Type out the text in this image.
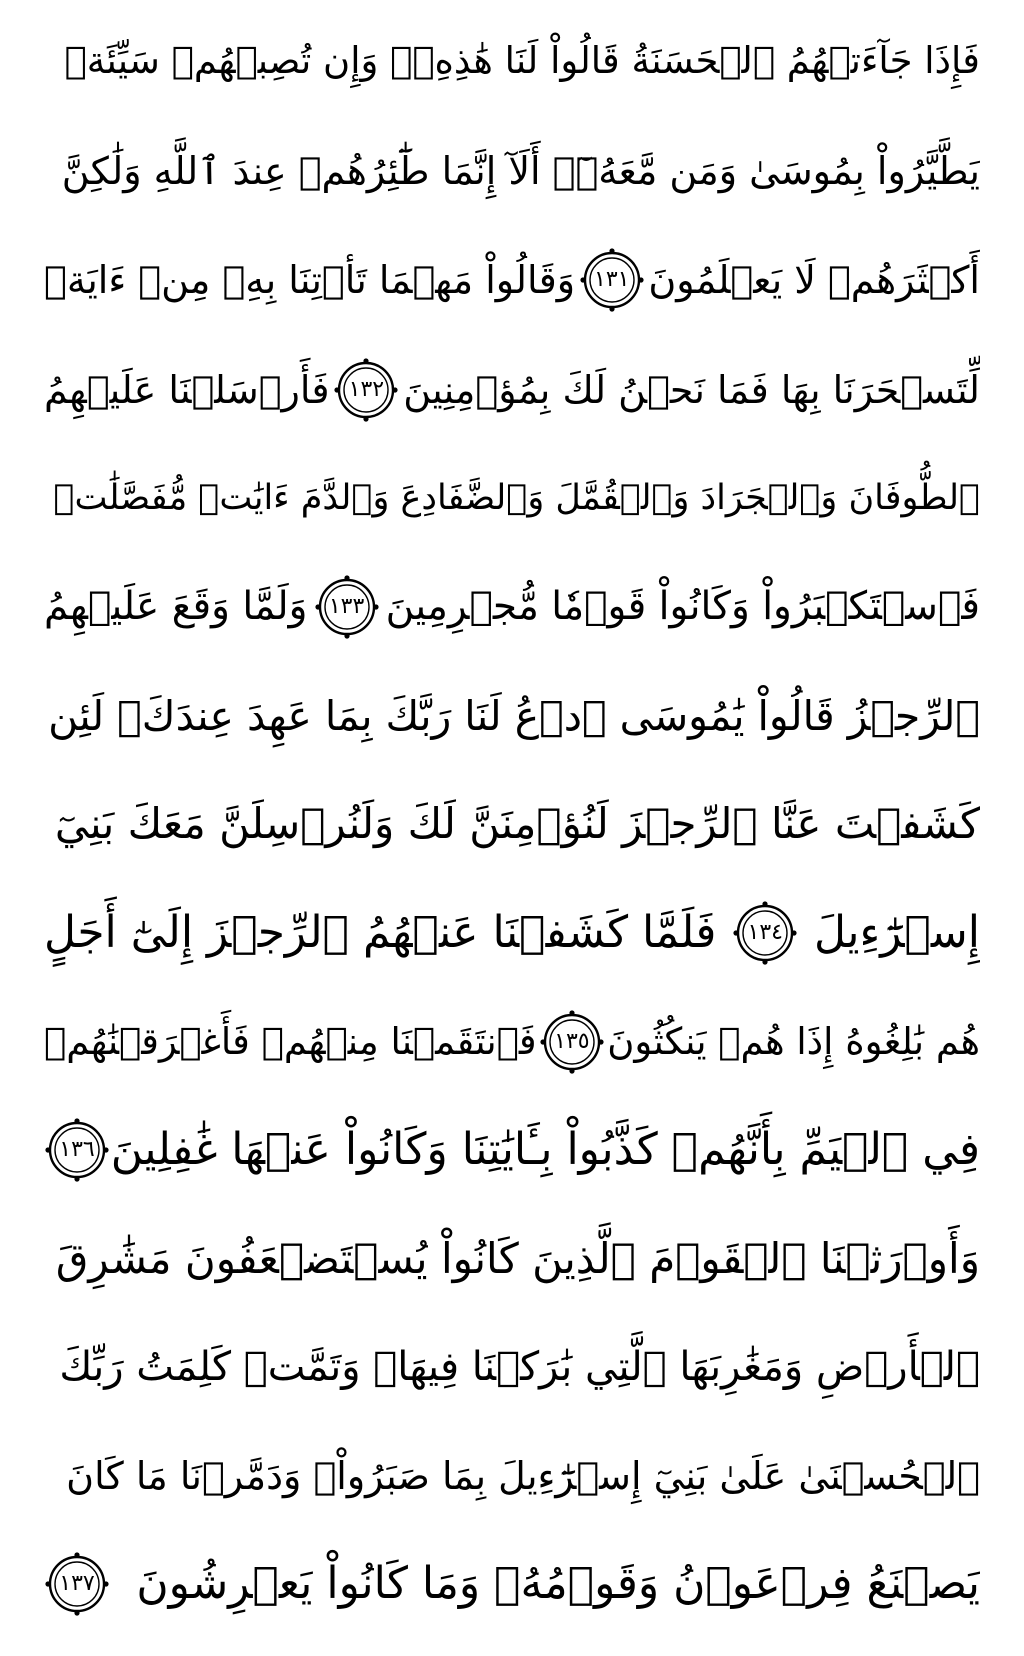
فَإِذَا جَآءَتۡهُمُ ٱلۡحَسَنَةُ قَالُواْ لَنَا هَٰذِهِۦۖ وَإِن تُصِبۡهُمۡ سَيِّئَةٞ
يَطَّيَّرُواْ بِمُوسَىٰ وَمَن مَّعَهُۥٓۗ أَلَآ إِنَّمَا طَٰٓئِرُهُمۡ عِندَ ٱللَّهِ وَلَٰكِنَّ
أَكۡثَرَهُمۡ لَا يَعۡلَمُونَ
١٣١
وَقَالُواْ مَهۡمَا تَأۡتِنَا بِهِۦ مِنۡ ءَايَةٖ
لِّتَسۡحَرَنَا بِهَا فَمَا نَحۡنُ لَكَ بِمُؤۡمِنِينَ
١٣٢
فَأَرۡسَلۡنَا عَلَيۡهِمُ
ٱلطُّوفَانَ وَٱلۡجَرَادَ وَٱلۡقُمَّلَ وَٱلضَّفَادِعَ وَٱلدَّمَ ءَايَٰتٖ مُّفَصَّلَٰتٖ
فَٱسۡتَكۡبَرُواْ وَكَانُواْ قَوۡمٗا مُّجۡرِمِينَ
١٣٣
وَلَمَّا وَقَعَ عَلَيۡهِمُ
ٱلرِّجۡزُ قَالُواْ يَٰمُوسَى ٱدۡعُ لَنَا رَبَّكَ بِمَا عَهِدَ عِندَكَۖ لَئِن
كَشَفۡتَ عَنَّا ٱلرِّجۡزَ لَنُؤۡمِنَنَّ لَكَ وَلَنُرۡسِلَنَّ مَعَكَ بَنِيٓ
إِسۡرَٰٓءِيلَ
١٣٤
فَلَمَّا كَشَفۡنَا عَنۡهُمُ ٱلرِّجۡزَ إِلَىٰٓ أَجَلٍ
هُم بَٰلِغُوهُ إِذَا هُمۡ يَنكُثُونَ
١٣٥
فَٱنتَقَمۡنَا مِنۡهُمۡ فَأَغۡرَقۡنَٰهُمۡ
فِي ٱلۡيَمِّ بِأَنَّهُمۡ كَذَّبُواْ بِـَٔايَٰتِنَا وَكَانُواْ عَنۡهَا غَٰفِلِينَ
١٣٦
وَأَوۡرَثۡنَا ٱلۡقَوۡمَ ٱلَّذِينَ كَانُواْ يُسۡتَضۡعَفُونَ مَشَٰرِقَ
ٱلۡأَرۡضِ وَمَغَٰرِبَهَا ٱلَّتِي بَٰرَكۡنَا فِيهَاۖ وَتَمَّتۡ كَلِمَتُ رَبِّكَ
ٱلۡحُسۡنَىٰ عَلَىٰ بَنِيٓ إِسۡرَٰٓءِيلَ بِمَا صَبَرُواْۖ وَدَمَّرۡنَا مَا كَانَ
يَصۡنَعُ فِرۡعَوۡنُ وَقَوۡمُهُۥ وَمَا كَانُواْ يَعۡرِشُونَ
١٣٧
